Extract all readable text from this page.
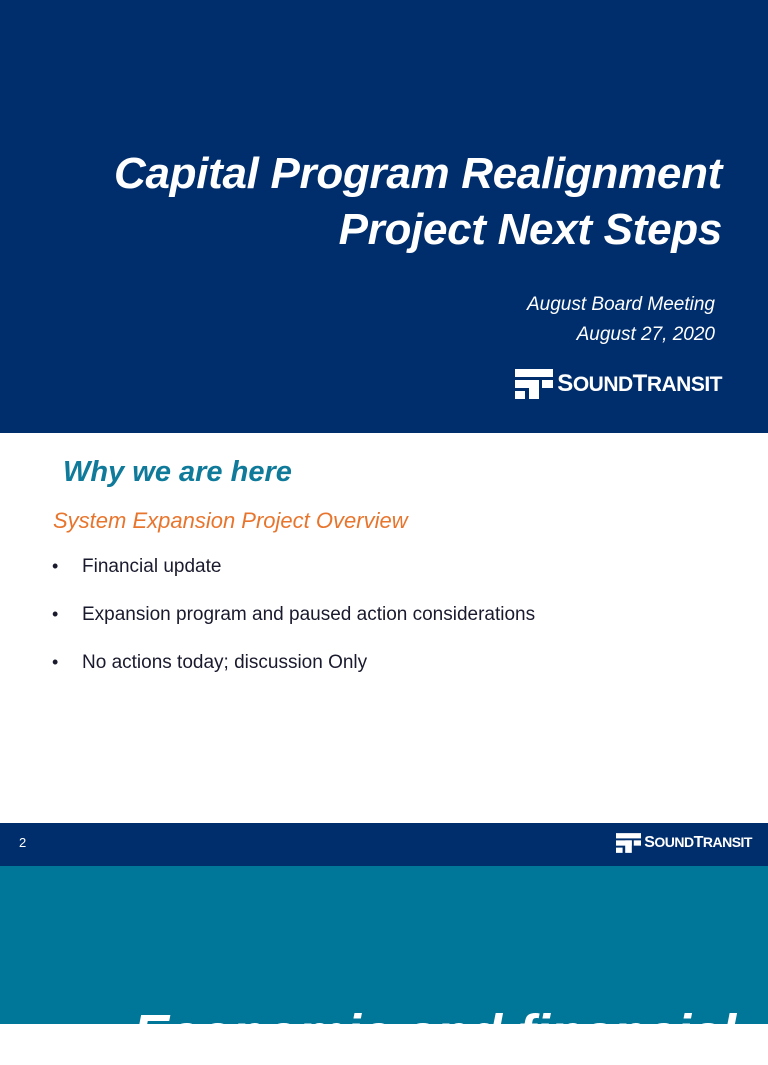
Capital Program Realignment
Project Next Steps
August Board Meeting
August 27, 2020
SOUNDTRANSIT
Why we are here
System Expansion Project Overview
• Financial update
• Expansion program and paused action considerations
• No actions today; discussion Only
2	SOUNDTRANSIT
Economic and financial
